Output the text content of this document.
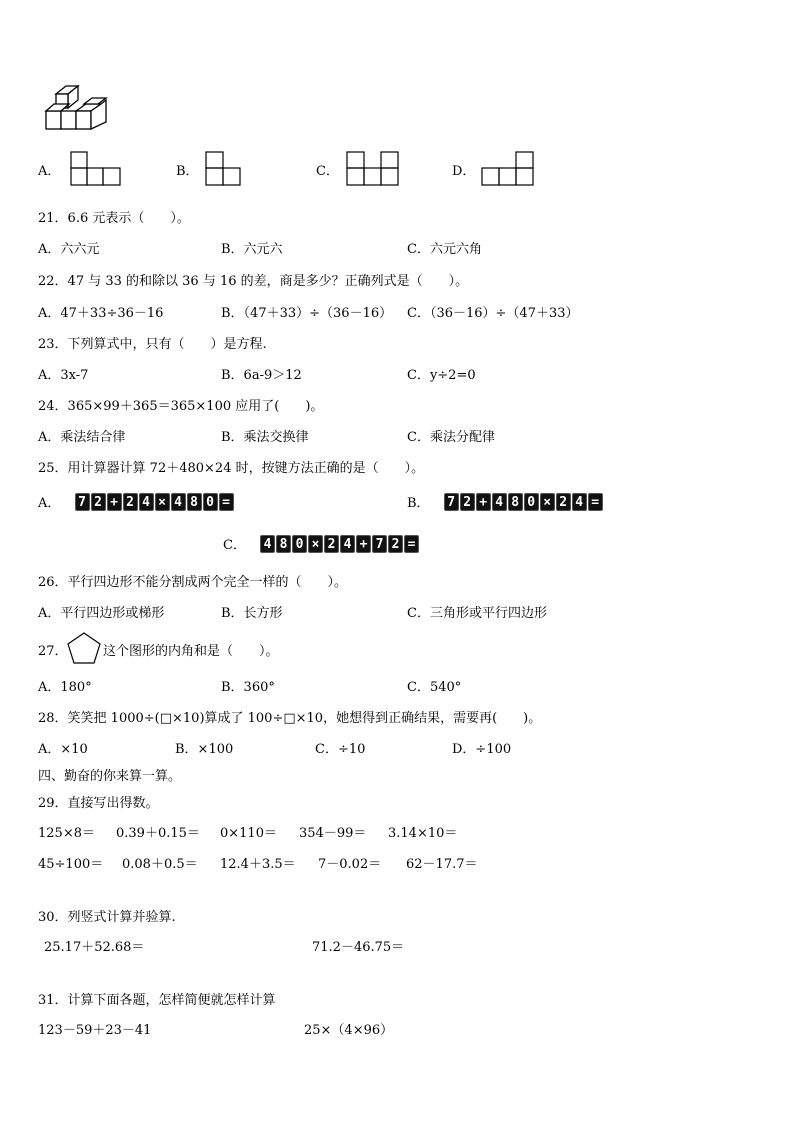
A．	B．	C．	D．
21．6.6 元表示（　　）。
A．六六元	B．六元六	C．六元六角
22．47 与 33 的和除以 36 与 16 的差，商是多少？正确列式是（　　）。
A．47＋33÷36－16	B．（47＋33）÷（36－16） C．（36－16）÷（47＋33）
23．下列算式中，只有（　　）是方程.
A．3x-7	B．6a-9＞12	C．y÷2=0
24．365×99＋365＝365×100 应用了(　　)。
A．乘法结合律	B．乘法交换律	C．乘法分配律
25．用计算器计算 72＋480×24 时，按键方法正确的是（　　）。
A． 7 2 + 2 4 × 4 8 0 =	B． 7 2 + 4 8 0 × 2 4 =
C． 4 8 0 × 2 4 + 7 2 =
26．平行四边形不能分割成两个完全一样的（　　）。
A．平行四边形或梯形	B．长方形	C．三角形或平行四边形
27．	这个图形的内角和是（　　）。
A．180°	B．360°	C．540°
28．笑笑把 1000÷(□×10)算成了 100÷□×10，她想得到正确结果，需要再(　　)。
A．×10	B．×100	C．÷10	D．÷100
四、勤奋的你来算一算。
29．直接写出得数。
125×8＝ 0.39＋0.15＝ 0×110＝ 354－99＝ 3.14×10＝
45÷100＝ 0.08＋0.5＝ 12.4＋3.5＝ 7－0.02＝ 62－17.7＝
30．列竖式计算并验算.
25.17＋52.68＝	71.2－46.75＝
31．计算下面各题，怎样简便就怎样计算
123－59＋23－41	25×（4×96）
